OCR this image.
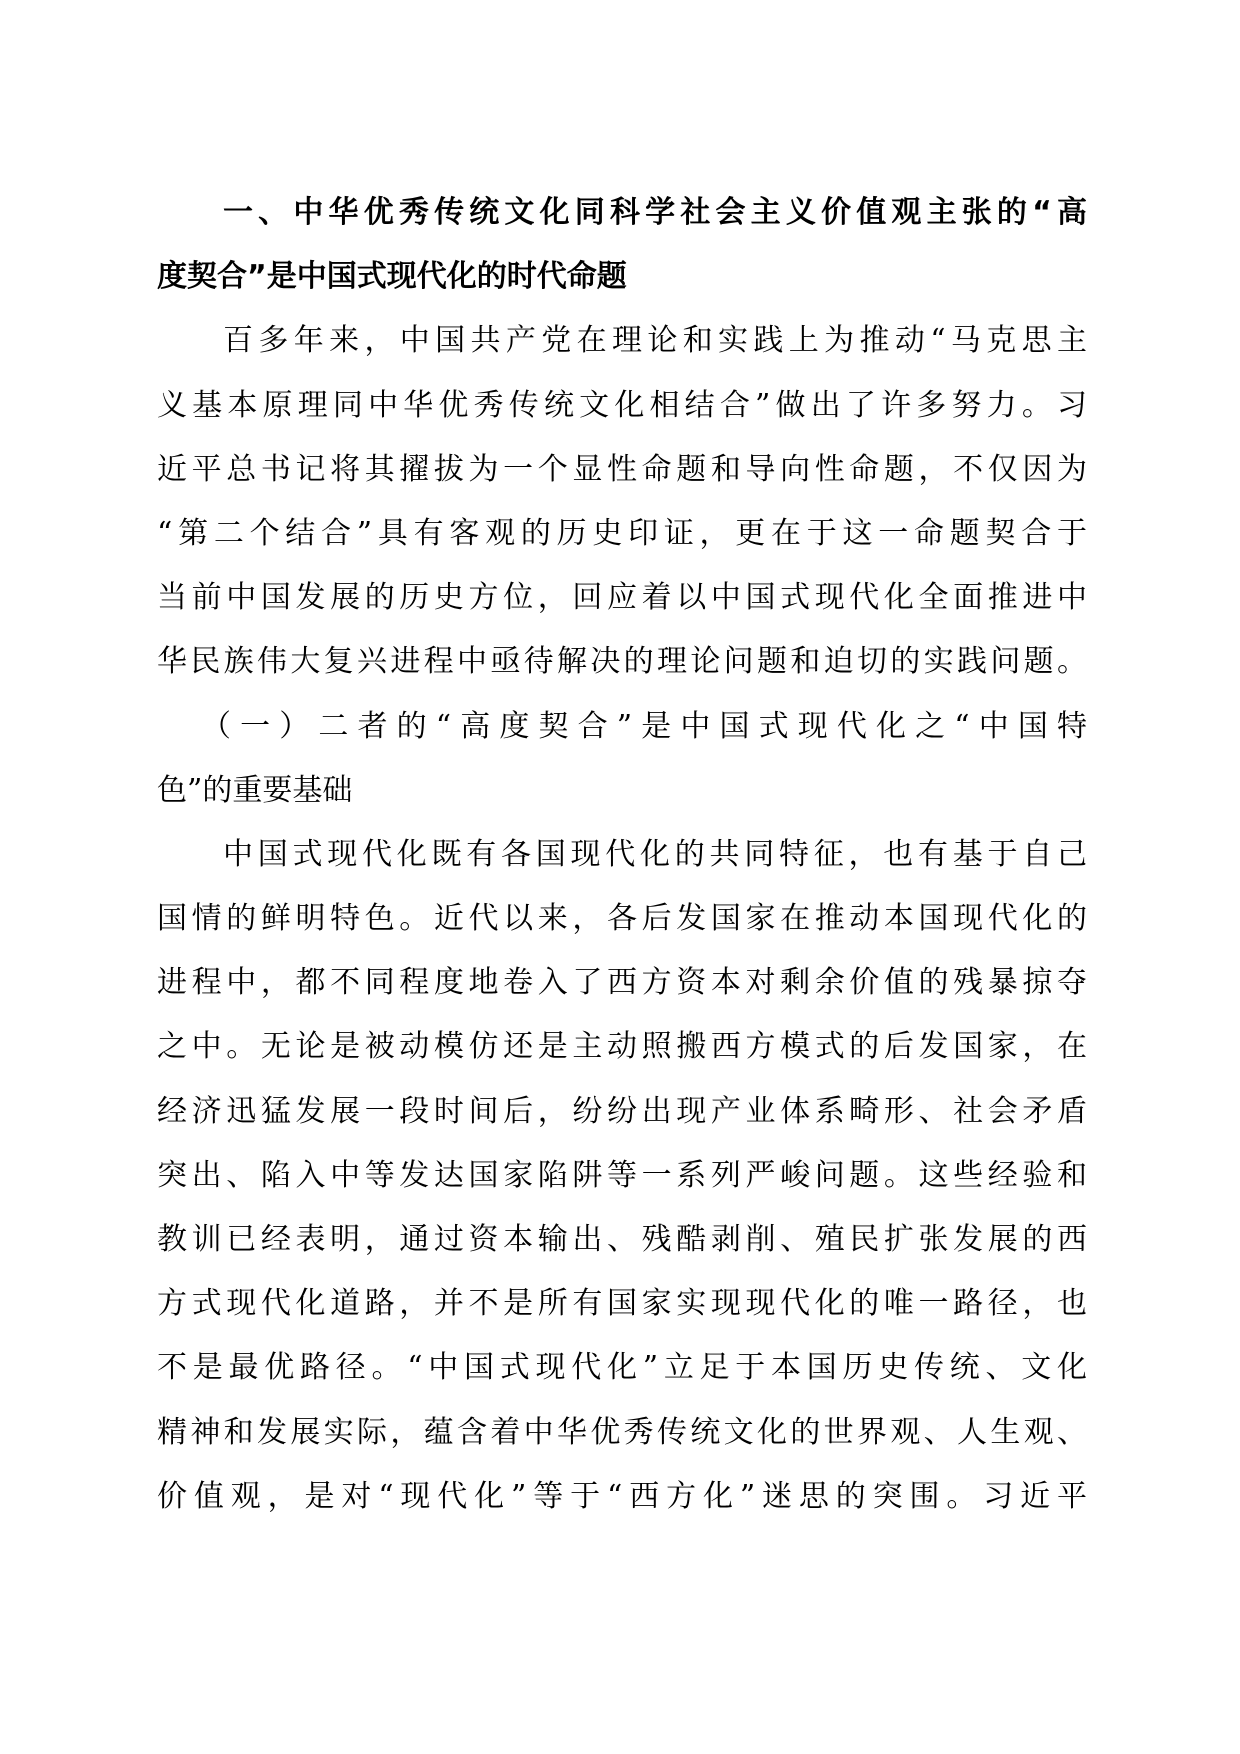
一、中华优秀传统文化同科学社会主义价值观主张的“高
度契合”是中国式现代化的时代命题
百多年来，中国共产党在理论和实践上为推动“马克思主
义基本原理同中华优秀传统文化相结合”做出了许多努力。习
近平总书记将其擢拔为一个显性命题和导向性命题，不仅因为
“第二个结合”具有客观的历史印证，更在于这一命题契合于
当前中国发展的历史方位，回应着以中国式现代化全面推进中
华民族伟大复兴进程中亟待解决的理论问题和迫切的实践问题。
（一）二者的“高度契合”是中国式现代化之“中国特
色”的重要基础
中国式现代化既有各国现代化的共同特征，也有基于自己
国情的鲜明特色。近代以来，各后发国家在推动本国现代化的
进程中，都不同程度地卷入了西方资本对剩余价值的残暴掠夺
之中。无论是被动模仿还是主动照搬西方模式的后发国家，在
经济迅猛发展一段时间后，纷纷出现产业体系畸形、社会矛盾
突出、陷入中等发达国家陷阱等一系列严峻问题。这些经验和
教训已经表明，通过资本输出、残酷剥削、殖民扩张发展的西
方式现代化道路，并不是所有国家实现现代化的唯一路径，也
不是最优路径。“中国式现代化”立足于本国历史传统、文化
精神和发展实际，蕴含着中华优秀传统文化的世界观、人生观、
价值观，是对“现代化”等于“西方化”迷思的突围。习近平
